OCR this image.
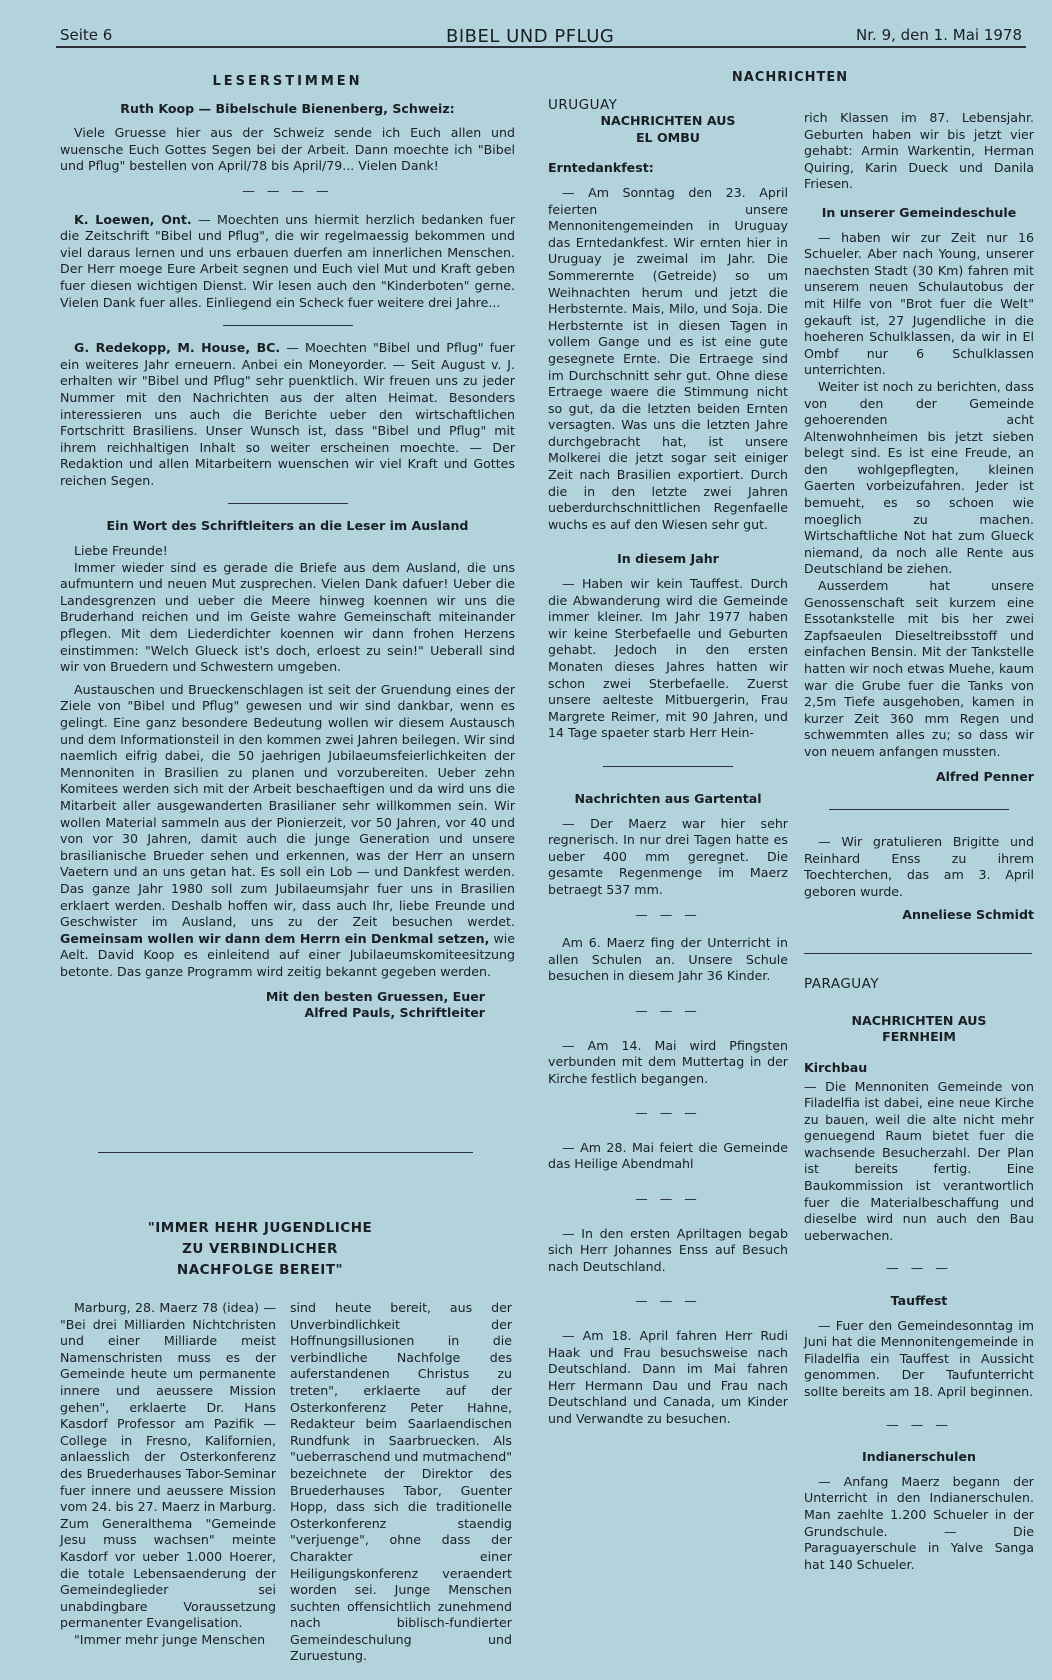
Seite 6	BIBEL UND PFLUG	Nr. 9, den 1. Mai 1978
LESERSTIMMEN
Ruth Koop — Bibelschule Bienenberg, Schweiz:

Viele Gruesse hier aus der Schweiz sende ich Euch allen und wuensche Euch Gottes Segen bei der Arbeit. Dann moechte ich "Bibel und Pflug" bestellen von April/78 bis April/79... Vielen Dank!

— — — —

K. Loewen, Ont. — Moechten uns hiermit herzlich bedanken fuer die Zeitschrift "Bibel und Pflug", die wir regelmaessig bekommen und viel daraus lernen und uns erbauen duerfen am innerlichen Menschen. Der Herr moege Eure Arbeit segnen und Euch viel Mut und Kraft geben fuer diesen wichtigen Dienst. Wir lesen auch den "Kinderboten" gerne. Vielen Dank fuer alles. Einliegend ein Scheck fuer weitere drei Jahre...

G. Redekopp, M. House, BC. — Moechten "Bibel und Pflug" fuer ein weiteres Jahr erneuern. Anbei ein Moneyorder. — Seit August v. J. erhalten wir "Bibel und Pflug" sehr puenktlich. Wir freuen uns zu jeder Nummer mit den Nachrichten aus der alten Heimat. Besonders interessieren uns auch die Berichte ueber den wirtschaftlichen Fortschritt Brasiliens. Unser Wunsch ist, dass "Bibel und Pflug" mit ihrem reichhaltigen Inhalt so weiter erscheinen moechte. — Der Redaktion und allen Mitarbeitern wuenschen wir viel Kraft und Gottes reichen Segen.

Ein Wort des Schriftleiters an die Leser im Ausland

Liebe Freunde!

Immer wieder sind es gerade die Briefe aus dem Ausland, die uns aufmuntern und neuen Mut zusprechen. Vielen Dank dafuer! Ueber die Landesgrenzen und ueber die Meere hinweg koennen wir uns die Bruderhand reichen und im Geiste wahre Gemeinschaft miteinander pflegen. Mit dem Liederdichter koennen wir dann frohen Herzens einstimmen: "Welch Glueck ist's doch, erloest zu sein!" Ueberall sind wir von Bruedern und Schwestern umgeben.

Austauschen und Brueckenschlagen ist seit der Gruendung eines der Ziele von "Bibel und Pflug" gewesen und wir sind dankbar, wenn es gelingt. Eine ganz besondere Bedeutung wollen wir diesem Austausch und dem Informationsteil in den kommen zwei Jahren beilegen. Wir sind naemlich eifrig dabei, die 50 jaehrigen Jubilaeumsfeierlichkeiten der Mennoniten in Brasilien zu planen und vorzubereiten. Ueber zehn Komitees werden sich mit der Arbeit beschaeftigen und da wird uns die Mitarbeit aller ausgewanderten Brasilianer sehr willkommen sein. Wir wollen Material sammeln aus der Pionierzeit, vor 50 Jahren, vor 40 und von vor 30 Jahren, damit auch die junge Generation und unsere brasilianische Brueder sehen und erkennen, was der Herr an unsern Vaetern und an uns getan hat. Es soll ein Lob — und Dankfest werden. Das ganze Jahr 1980 soll zum Jubilaeumsjahr fuer uns in Brasilien erklaert werden. Deshalb hoffen wir, dass auch Ihr, liebe Freunde und Geschwister im Ausland, uns zu der Zeit besuchen werdet. Gemeinsam wollen wir dann dem Herrn ein Denkmal setzen, wie Aelt. David Koop es einleitend auf einer Jubilaeumskomiteesitzung betonte. Das ganze Programm wird zeitig bekannt gegeben werden.

Mit den besten Gruessen, Euer
Alfred Pauls, Schriftleiter
"IMMER HEHR JUGENDLICHE
ZU VERBINDLICHER
NACHFOLGE BEREIT"

Marburg, 28. Maerz 78 (idea) — "Bei drei Milliarden Nichtchristen und einer Milliarde meist Namenschristen muss es der Gemeinde heute um permanente innere und aeussere Mission gehen", erklaerte Dr. Hans Kasdorf Professor am Pazifik — College in Fresno, Kalifornien, anlaesslich der Osterkonferenz des Bruederhauses Tabor-Seminar fuer innere und aeussere Mission vom 24. bis 27. Maerz in Marburg. Zum Generalthema "Gemeinde Jesu muss wachsen" meinte Kasdorf vor ueber 1.000 Hoerer, die totale Lebensaenderung der Gemeindeglieder sei unabdingbare Voraussetzung permanenter Evangelisation.

"Immer mehr junge Menschen

sind heute bereit, aus der Unverbindlichkeit der Hoffnungsillusionen in die verbindliche Nachfolge des auferstandenen Christus zu treten", erklaerte auf der Osterkonferenz Peter Hahne, Redakteur beim Saarlaendischen Rundfunk in Saarbruecken. Als "ueberraschend und mutmachend" bezeichnete der Direktor des Bruederhauses Tabor, Guenter Hopp, dass sich die traditionelle Osterkonferenz staendig "verjuenge", ohne dass der Charakter einer Heiligungskonferenz veraendert worden sei. Junge Menschen suchten offensichtlich zunehmend nach biblisch-fundierter Gemeindeschulung und Zuruestung.

NACHRICHTEN
URUGUAY
NACHRICHTEN AUS
EL OMBU
Erntedankfest:

— Am Sonntag den 23. April feierten unsere Mennonitengemeinden in Uruguay das Erntedankfest. Wir ernten hier in Uruguay je zweimal im Jahr. Die Sommerernte (Getreide) so um Weihnachten herum und jetzt die Herbsternte. Mais, Milo, und Soja. Die Herbsternte ist in diesen Tagen in vollem Gange und es ist eine gute gesegnete Ernte. Die Ertraege sind im Durchschnitt sehr gut. Ohne diese Ertraege waere die Stimmung nicht so gut, da die letzten beiden Ernten versagten. Was uns die letzten Jahre durchgebracht hat, ist unsere Molkerei die jetzt sogar seit einiger Zeit nach Brasilien exportiert. Durch die in den letzte zwei Jahren ueberdurchschnittlichen Regenfaelle wuchs es auf den Wiesen sehr gut.

In diesem Jahr

— Haben wir kein Tauffest. Durch die Abwanderung wird die Gemeinde immer kleiner. Im Jahr 1977 haben wir keine Sterbefaelle und Geburten gehabt. Jedoch in den ersten Monaten dieses Jahres hatten wir schon zwei Sterbefaelle. Zuerst unsere aelteste Mitbuergerin, Frau Margrete Reimer, mit 90 Jahren, und 14 Tage spaeter starb Herr Hein-

Nachrichten aus Gartental

— Der Maerz war hier sehr regnerisch. In nur drei Tagen hatte es ueber 400 mm geregnet. Die gesamte Regenmenge im Maerz betraegt 537 mm.

— — —

Am 6. Maerz fing der Unterricht in allen Schulen an. Unsere Schule besuchen in diesem Jahr 36 Kinder.

— — —

— Am 14. Mai wird Pfingsten verbunden mit dem Muttertag in der Kirche festlich begangen.

— — —

— Am 28. Mai feiert die Gemeinde das Heilige Abendmahl

— — —

— In den ersten Apriltagen begab sich Herr Johannes Enss auf Besuch nach Deutschland.

— — —

— Am 18. April fahren Herr Rudi Haak und Frau besuchsweise nach Deutschland. Dann im Mai fahren Herr Hermann Dau und Frau nach Deutschland und Canada, um Kinder und Verwandte zu besuchen.

rich Klassen im 87. Lebensjahr. Geburten haben wir bis jetzt vier gehabt: Armin Warkentin, Herman Quiring, Karin Dueck und Danila Friesen.

In unserer Gemeindeschule

— haben wir zur Zeit nur 16 Schueler. Aber nach Young, unserer naechsten Stadt (30 Km) fahren mit unserem neuen Schulautobus der mit Hilfe von "Brot fuer die Welt" gekauft ist, 27 Jugendliche in die hoeheren Schulklassen, da wir in El Ombf nur 6 Schulklassen unterrichten.

Weiter ist noch zu berichten, dass von den der Gemeinde gehoerenden acht Altenwohnheimen bis jetzt sieben belegt sind. Es ist eine Freude, an den wohlgepflegten, kleinen Gaerten vorbeizufahren. Jeder ist bemueht, es so schoen wie moeglich zu machen. Wirtschaftliche Not hat zum Glueck niemand, da noch alle Rente aus Deutschland be ziehen.

Ausserdem hat unsere Genossenschaft seit kurzem eine Essotankstelle mit bis her zwei Zapfsaeulen Dieseltreibsstoff und einfachen Bensin. Mit der Tankstelle hatten wir noch etwas Muehe, kaum war die Grube fuer die Tanks von 2,5m Tiefe ausgehoben, kamen in kurzer Zeit 360 mm Regen und schwemmten alles zu; so dass wir von neuem anfangen mussten.

Alfred Penner

— Wir gratulieren Brigitte und Reinhard Enss zu ihrem Toechterchen, das am 3. April geboren wurde.

Anneliese Schmidt
PARAGUAY
NACHRICHTEN AUS
FERNHEIM
Kirchbau

— Die Mennoniten Gemeinde von Filadelfia ist dabei, eine neue Kirche zu bauen, weil die alte nicht mehr genuegend Raum bietet fuer die wachsende Besucherzahl. Der Plan ist bereits fertig. Eine Baukommission ist verantwortlich fuer die Materialbeschaffung und dieselbe wird nun auch den Bau ueberwachen.

— — —
Tauffest

— Fuer den Gemeindesonntag im Juni hat die Mennonitengemeinde in Filadelfia ein Tauffest in Aussicht genommen. Der Taufunterricht sollte bereits am 18. April beginnen.

— — —
Indianerschulen

— Anfang Maerz begann der Unterricht in den Indianerschulen. Man zaehlte 1.200 Schueler in der Grundschule. — Die Paraguayerschule in Yalve Sanga hat 140 Schueler.
